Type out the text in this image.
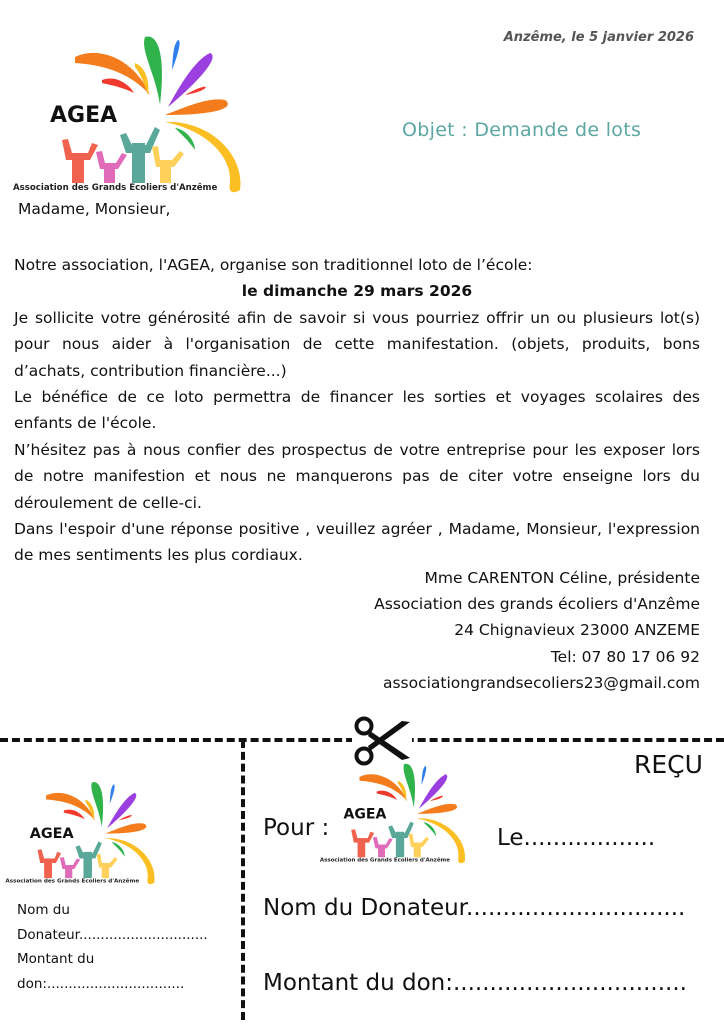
AGEA
Association des Grands Ecoliers d'Anzême
Anzême, le 5 janvier 2026
Objet : Demande de lots
Madame, Monsieur,

Notre association, l'AGEA, organise son traditionnel loto de l’école:

le dimanche 29 mars 2026

Je sollicite votre générosité afin de savoir si vous pourriez offrir un ou plusieurs lot(s) pour nous aider à l'organisation de cette manifestation. (objets, produits, bons d’achats, contribution financière...)

Le bénéfice de ce loto permettra de financer les sorties et voyages scolaires des enfants de l'école.

N’hésitez pas à nous confier des prospectus de votre entreprise pour les exposer lors de notre manifestion et nous ne manquerons pas de citer votre enseigne lors du déroulement de celle-ci.

Dans l'espoir d'une réponse positive , veuillez agréer , Madame, Monsieur, l'expression de mes sentiments les plus cordiaux.

Mme CARENTON Céline, présidente
Association des grands écoliers d'Anzême
24 Chignavieux 23000 ANZEME
Tel: 07 80 17 06 92
associationgrandsecoliers23@gmail.com
REÇU
AGEA
Association des Grands Ecoliers d'Anzême
AGEA
Association des Grands Ecoliers d'Anzême
Pour :	Le..................
Nom du Donateur..............................
Montant du don:................................
Nom du
Donateur..............................
Montant du
don:................................
